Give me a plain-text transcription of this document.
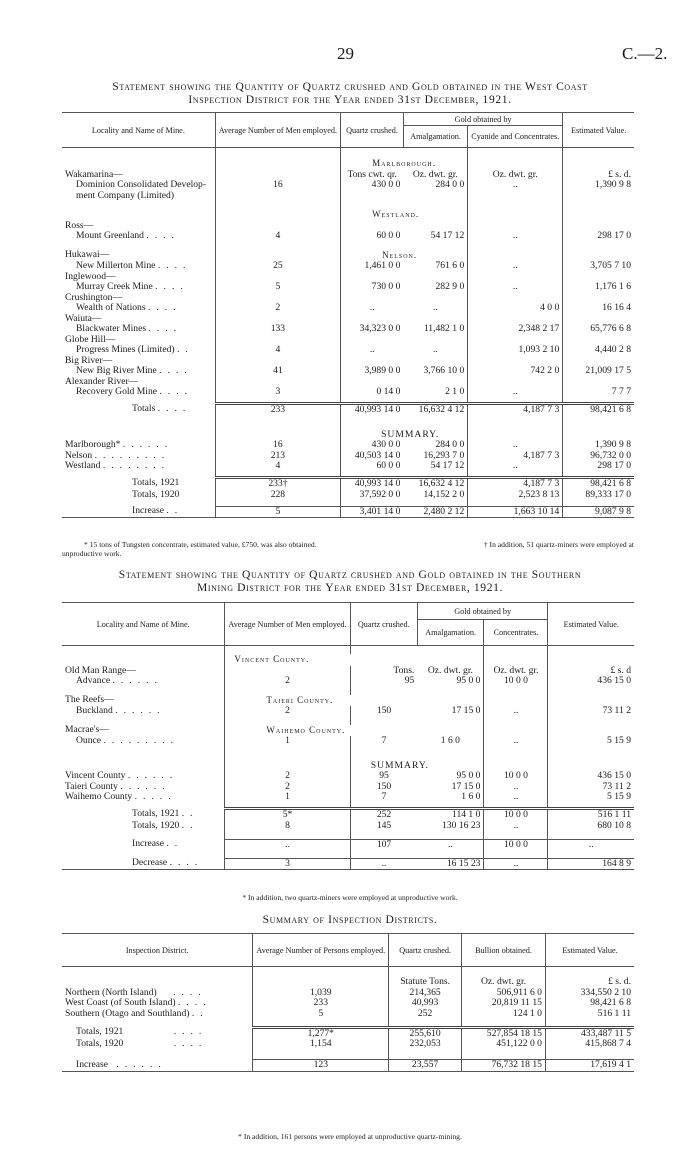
29	C.—2.
Statement showing the Quantity of Quartz crushed and Gold obtained in the West Coast
Inspection District for the Year ended 31st December, 1921.
Locality and Name of Mine.	Average Number of Men employed.	Quartz crushed.	Gold obtained by		Estimated Value.
			Amalgamation.	Cyanide and Concentrates.	

		Marlborough.			
Wakamarina—		Tons cwt. qr.	Oz. dwt. gr.	Oz. dwt. gr.	£ s. d.
Dominion Consolidated Develop-	16	430 0 0	284 0 0	..	1,390 9 8
ment Company (Limited)					

		Westland.			
Ross—					
Mount Greenland ....	4	60 0 0	54 17 12	..	298 17 0

Hukawai—		Nelson.			
New Millerton Mine ....	25	1,461 0 0	761 6 0	..	3,705 7 10
Inglewood—					
Murray Creek Mine ....	5	730 0 0	282 9 0	..	1,176 1 6
Crushington—					
Wealth of Nations ....	2	..	..	4 0 0	16 16 4
Waiuta—					
Blackwater Mines ....	133	34,323 0 0	11,482 1 0	2,348 2 17	65,776 6 8
Globe Hill—					
Progress Mines (Limited) ..	4	..	..	1,093 2 10	4,440 2 8
Big River—					
New Big River Mine ....	41	3,989 0 0	3,766 10 0	742 2 0	21,009 17 5
Alexander River—					
Recovery Gold Mine ....	3	0 14 0	2 1 0	..	7 7 7

Totals ....	233	40,993 14 0	16,632 4 12	4,187 7 3	98,421 6 8

		SUMMARY.			
Marlborough* ......	16	430 0 0	284 0 0	..	1,390 9 8
Nelson .........	213	40,503 14 0	16,293 7 0	4,187 7 3	96,732 0 0
Westland ........	4	60 0 0	54 17 12	..	298 17 0

Totals, 1921	233†	40,993 14 0	16,632 4 12	4,187 7 3	98,421 6 8
Totals, 1920	228	37,592 0 0	14,152 2 0	2,523 8 13	89,333 17 0

Increase ..	5	3,401 14 0	2,480 2 12	1,663 10 14	9,087 9 8
* 15 tons of Tungsten concentrate, estimated value, £750, was also obtained.	† In addition, 51 quartz-miners were employed at
unproductive work.
Statement showing the Quantity of Quartz crushed and Gold obtained in the Southern
Mining District for the Year ended 31st December, 1921.
Locality and Name of Mine.	Average Number of Men employed.	Quartz crushed.	Gold obtained by		Estimated Value.
			Amalgamation.	Concentrates.	

	Vincent County.				
Old Man Range—		Tons.	Oz. dwt. gr.	Oz. dwt. gr.	£ s. d
Advance ......	2	95	95 0 0	10 0 0	436 15 0

The Reefs—	Taieri County.				
Buckland ......	2	150	17 15 0	..	73 11 2

Macrae's—	Waihemo County.				
Ounce .........	1	7	1 6 0	..	5 15 9

		SUMMARY.			
Vincent County ......	2	95	95 0 0	10 0 0	436 15 0
Taieri County ......	2	150	17 15 0	..	73 11 2
Waihemo County .....	1	7	1 6 0	..	5 15 9

Totals, 1921 ..	5*	252	114 1 0	10 0 0	516 1 11
Totals, 1920 ..	8	145	130 16 23	..	680 10 8

Increase ..	..	107	..	10 0 0	..

Decrease ....	3	..	16 15 23	..	164 8 9
* In addition, two quartz-miners were employed at unproductive work.
Summary of Inspection Districts.
Inspection District.	Average Number of Persons employed.	Quartz crushed.	Bullion obtained.	Estimated Value.

		Statute Tons.	Oz. dwt. gr.	£ s. d.
Northern (North Island) ....	1,039	214,365	506,911 6 0	334,550 2 10
West Coast (of South Island) ....	233	40,993	20,819 11 15	98,421 6 8
Southern (Otago and Southland) ..	5	252	124 1 0	516 1 11

Totals, 1921 ....	1,277*	255,610	527,854 18 15	433,487 11 5
Totals, 1920 ....	1,154	232,053	451,122 0 0	415,868 7 4

Increase ......	123	23,557	76,732 18 15	17,619 4 1
* In addition, 161 persons were employed at unproductive quartz-mining.
